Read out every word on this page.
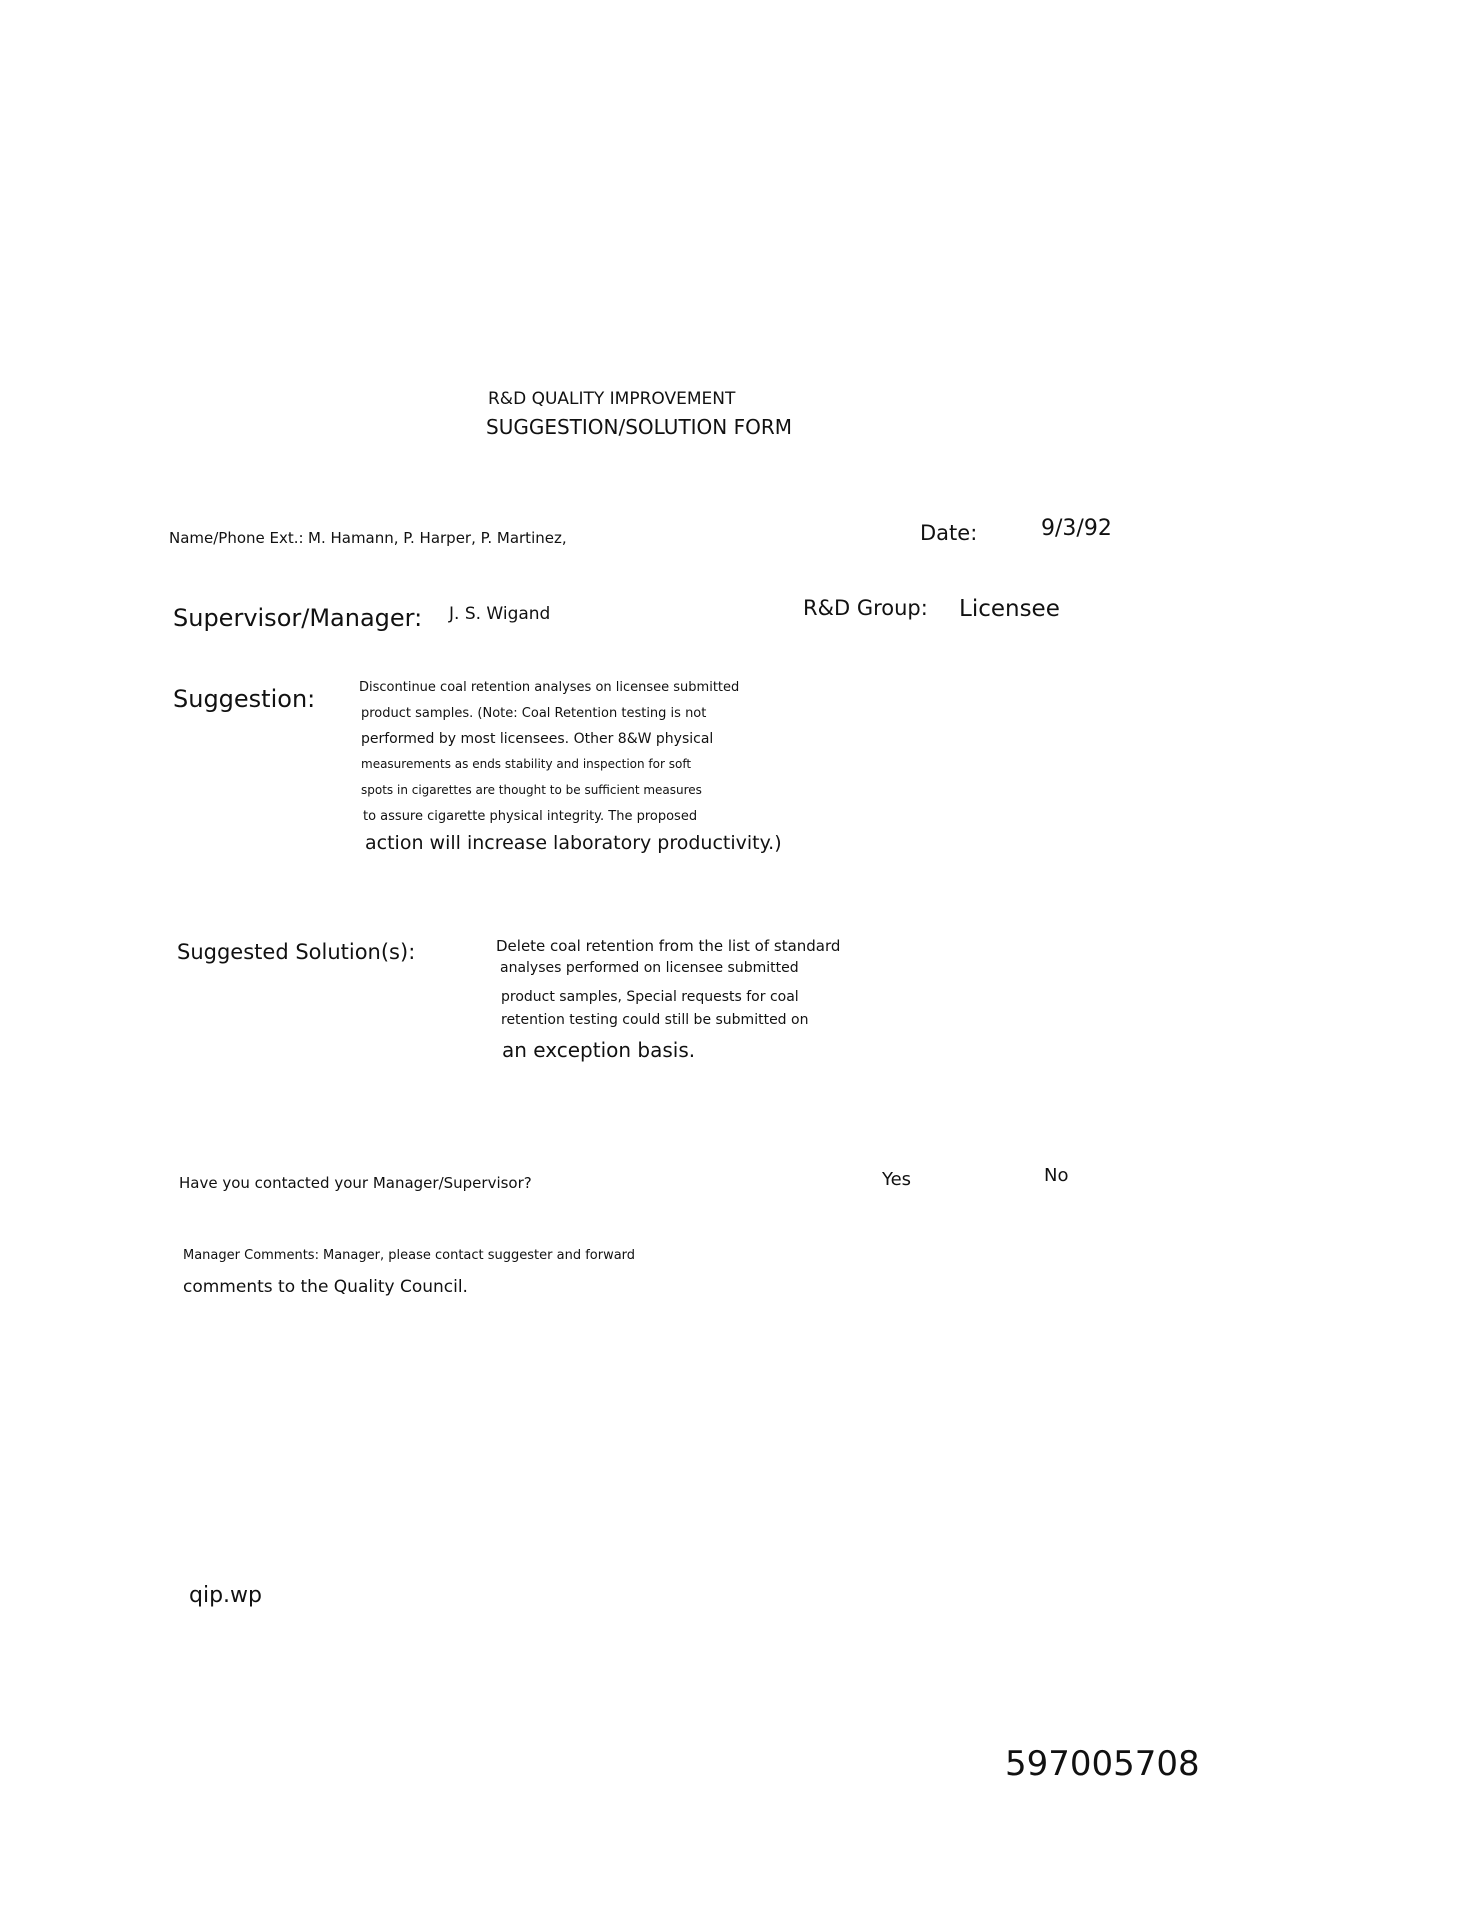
R&D QUALITY IMPROVEMENT
SUGGESTION/SOLUTION FORM
Name/Phone Ext.: M. Hamann, P. Harper, P. Martinez,	Date:	9/3/92
Supervisor/Manager: J. S. Wigand	R&D Group: Licensee
Suggestion:	Discontinue coal retention analyses on licensee submitted
product samples. (Note: Coal Retention testing is not
performed by most licensees. Other 8&W physical
measurements as ends stability and inspection for soft
spots in cigarettes are thought to be sufficient measures
to assure cigarette physical integrity. The proposed
action will increase laboratory productivity.)
Suggested Solution(s):	Delete coal retention from the list of standard
analyses performed on licensee submitted
product samples, Special requests for coal
retention testing could still be submitted on
an exception basis.
Have you contacted your Manager/Supervisor?	Yes	No
Manager Comments: Manager, please contact suggester and forward
comments to the Quality Council.
qip.wp
597005708
